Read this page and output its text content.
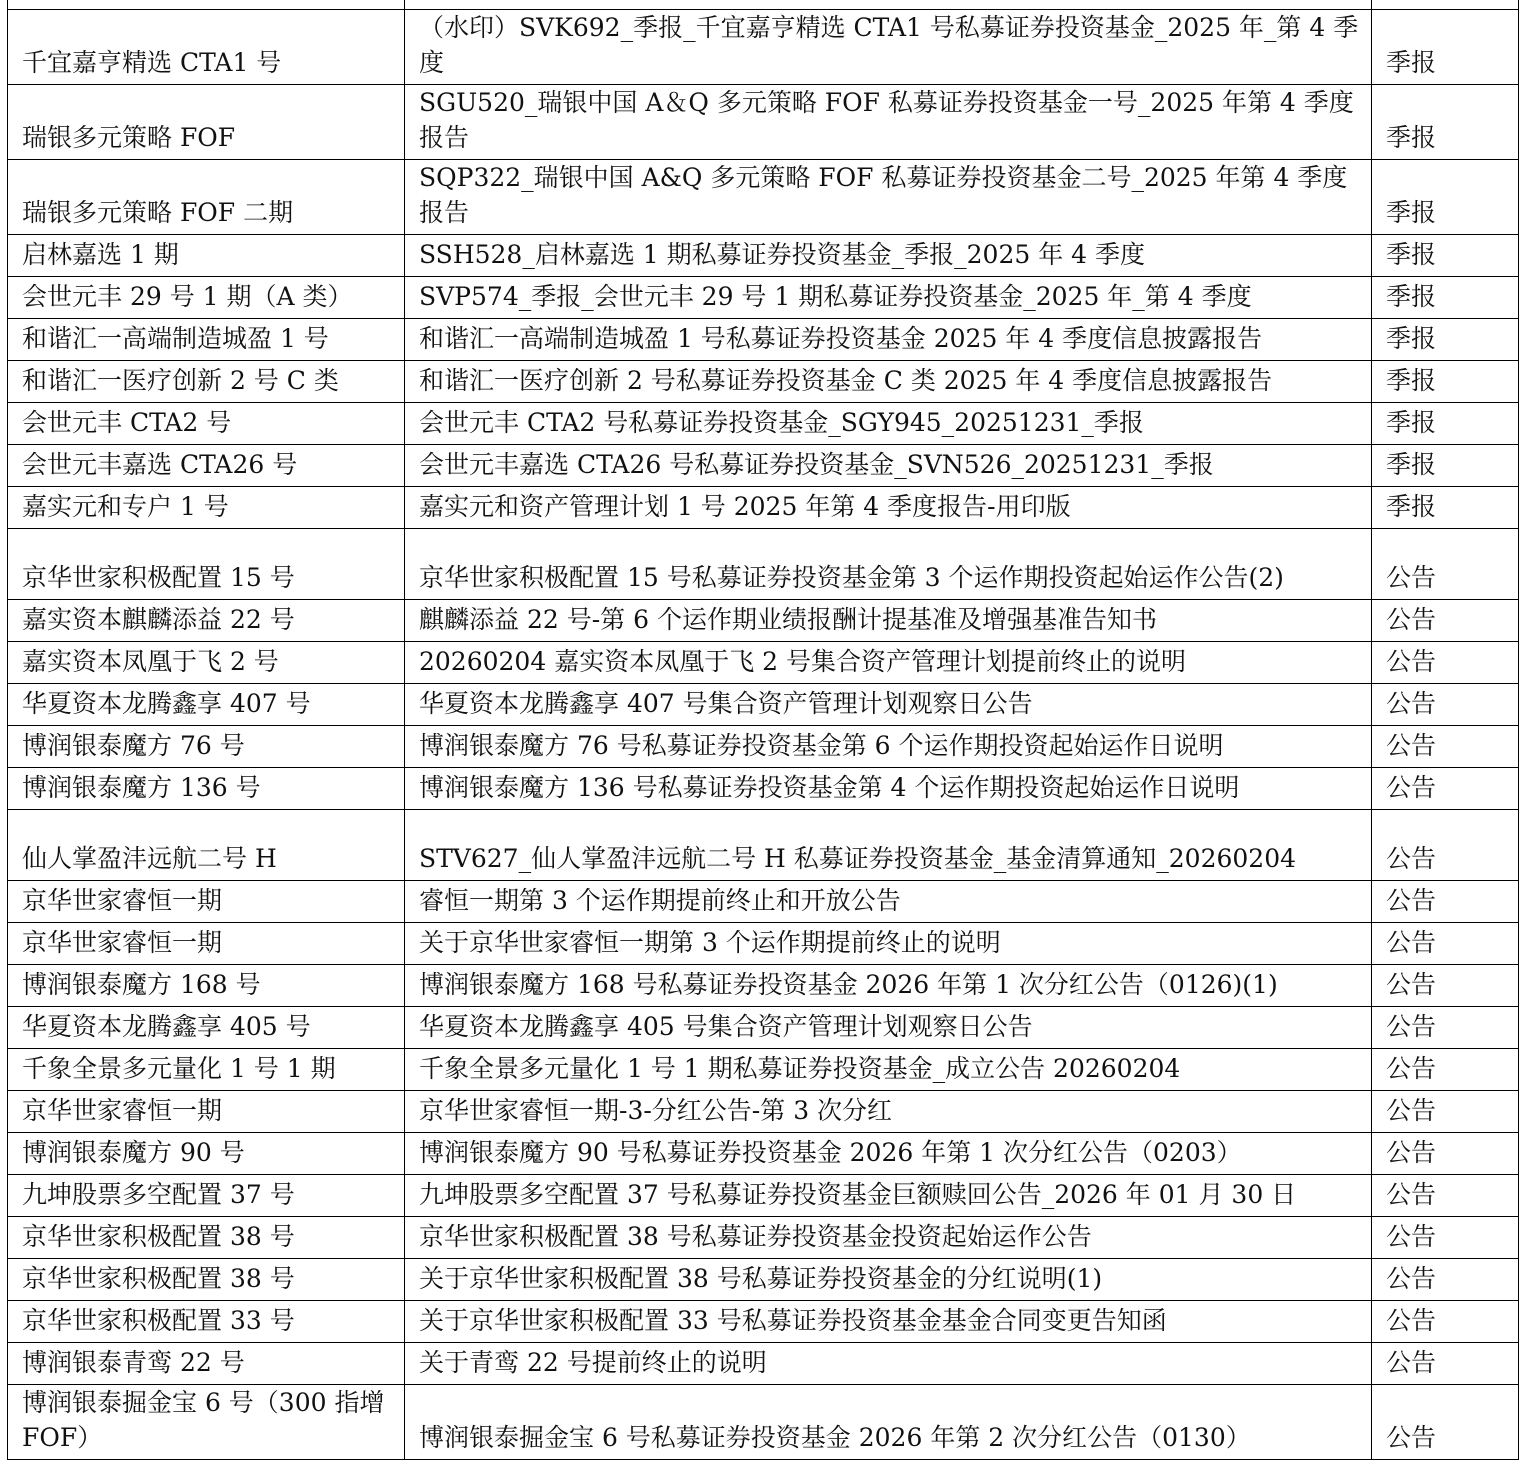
千宜嘉亨精选 CTA1 号	（水印）SVK692_季报_千宜嘉亨精选 CTA1 号私募证券投资基金_2025 年_第 4 季度	季报
瑞银多元策略 FOF	SGU520_瑞银中国 A＆Q 多元策略 FOF 私募证券投资基金一号_2025 年第 4 季度报告	季报
瑞银多元策略 FOF 二期	SQP322_瑞银中国 A&Q 多元策略 FOF 私募证券投资基金二号_2025 年第 4 季度报告	季报
启林嘉选 1 期	SSH528_启林嘉选 1 期私募证券投资基金_季报_2025 年 4 季度	季报
会世元丰 29 号 1 期（A 类）	SVP574_季报_会世元丰 29 号 1 期私募证券投资基金_2025 年_第 4 季度	季报
和谐汇一高端制造城盈 1 号	和谐汇一高端制造城盈 1 号私募证券投资基金 2025 年 4 季度信息披露报告	季报
和谐汇一医疗创新 2 号 C 类	和谐汇一医疗创新 2 号私募证券投资基金 C 类 2025 年 4 季度信息披露报告	季报
会世元丰 CTA2 号	会世元丰 CTA2 号私募证券投资基金_SGY945_20251231_季报	季报
会世元丰嘉选 CTA26 号	会世元丰嘉选 CTA26 号私募证券投资基金_SVN526_20251231_季报	季报
嘉实元和专户 1 号	嘉实元和资产管理计划 1 号 2025 年第 4 季度报告-用印版	季报
京华世家积极配置 15 号	京华世家积极配置 15 号私募证券投资基金第 3 个运作期投资起始运作公告(2)	公告
嘉实资本麒麟添益 22 号	麒麟添益 22 号-第 6 个运作期业绩报酬计提基准及增强基准告知书	公告
嘉实资本凤凰于飞 2 号	20260204 嘉实资本凤凰于飞 2 号集合资产管理计划提前终止的说明	公告
华夏资本龙腾鑫享 407 号	华夏资本龙腾鑫享 407 号集合资产管理计划观察日公告	公告
博润银泰魔方 76 号	博润银泰魔方 76 号私募证券投资基金第 6 个运作期投资起始运作日说明	公告
博润银泰魔方 136 号	博润银泰魔方 136 号私募证券投资基金第 4 个运作期投资起始运作日说明	公告
仙人掌盈沣远航二号 H	STV627_仙人掌盈沣远航二号 H 私募证券投资基金_基金清算通知_20260204	公告
京华世家睿恒一期	睿恒一期第 3 个运作期提前终止和开放公告	公告
京华世家睿恒一期	关于京华世家睿恒一期第 3 个运作期提前终止的说明	公告
博润银泰魔方 168 号	博润银泰魔方 168 号私募证券投资基金 2026 年第 1 次分红公告（0126)(1)	公告
华夏资本龙腾鑫享 405 号	华夏资本龙腾鑫享 405 号集合资产管理计划观察日公告	公告
千象全景多元量化 1 号 1 期	千象全景多元量化 1 号 1 期私募证券投资基金_成立公告 20260204	公告
京华世家睿恒一期	京华世家睿恒一期-3-分红公告-第 3 次分红	公告
博润银泰魔方 90 号	博润银泰魔方 90 号私募证券投资基金 2026 年第 1 次分红公告（0203）	公告
九坤股票多空配置 37 号	九坤股票多空配置 37 号私募证券投资基金巨额赎回公告_2026 年 01 月 30 日	公告
京华世家积极配置 38 号	京华世家积极配置 38 号私募证券投资基金投资起始运作公告	公告
京华世家积极配置 38 号	关于京华世家积极配置 38 号私募证券投资基金的分红说明(1)	公告
京华世家积极配置 33 号	关于京华世家积极配置 33 号私募证券投资基金基金合同变更告知函	公告
博润银泰青鸾 22 号	关于青鸾 22 号提前终止的说明	公告
博润银泰掘金宝 6 号（300 指增 FOF）	博润银泰掘金宝 6 号私募证券投资基金 2026 年第 2 次分红公告（0130）	公告
